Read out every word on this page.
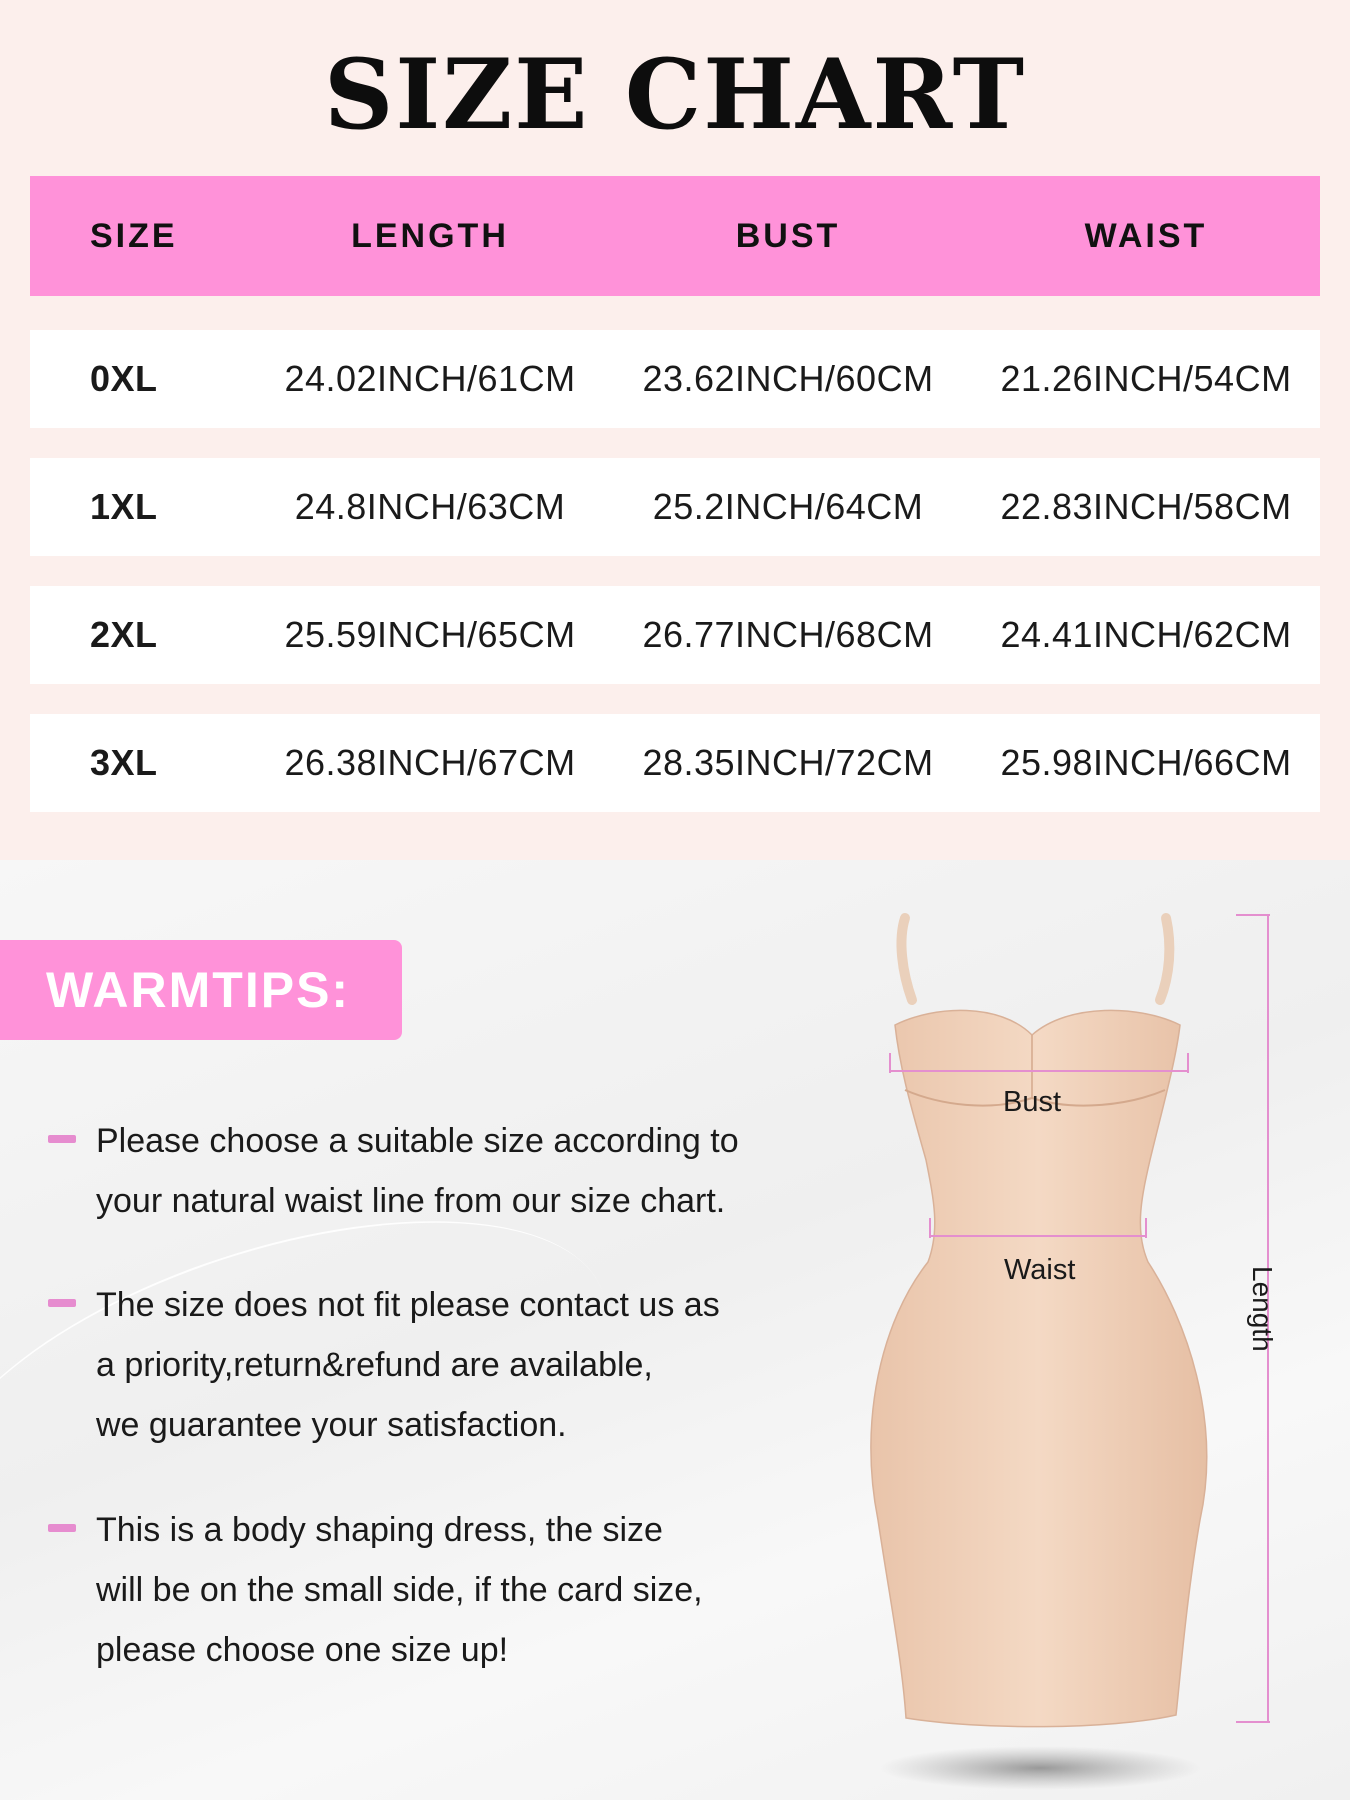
SIZE CHART
SIZE	LENGTH	BUST	WAIST
0XL	24.02INCH/61CM	23.62INCH/60CM	21.26INCH/54CM
1XL	24.8INCH/63CM	25.2INCH/64CM	22.83INCH/58CM
2XL	25.59INCH/65CM	26.77INCH/68CM	24.41INCH/62CM
3XL	26.38INCH/67CM	28.35INCH/72CM	25.98INCH/66CM
WARMTIPS:
Please choose a suitable size according to
your natural waist line from our size chart.
The size does not fit please contact us as
a priority,return&refund are available,
we guarantee your satisfaction.
This is a body shaping dress, the size
will be on the small side, if the card size,
please choose one size up!
Bust
Waist	Length
